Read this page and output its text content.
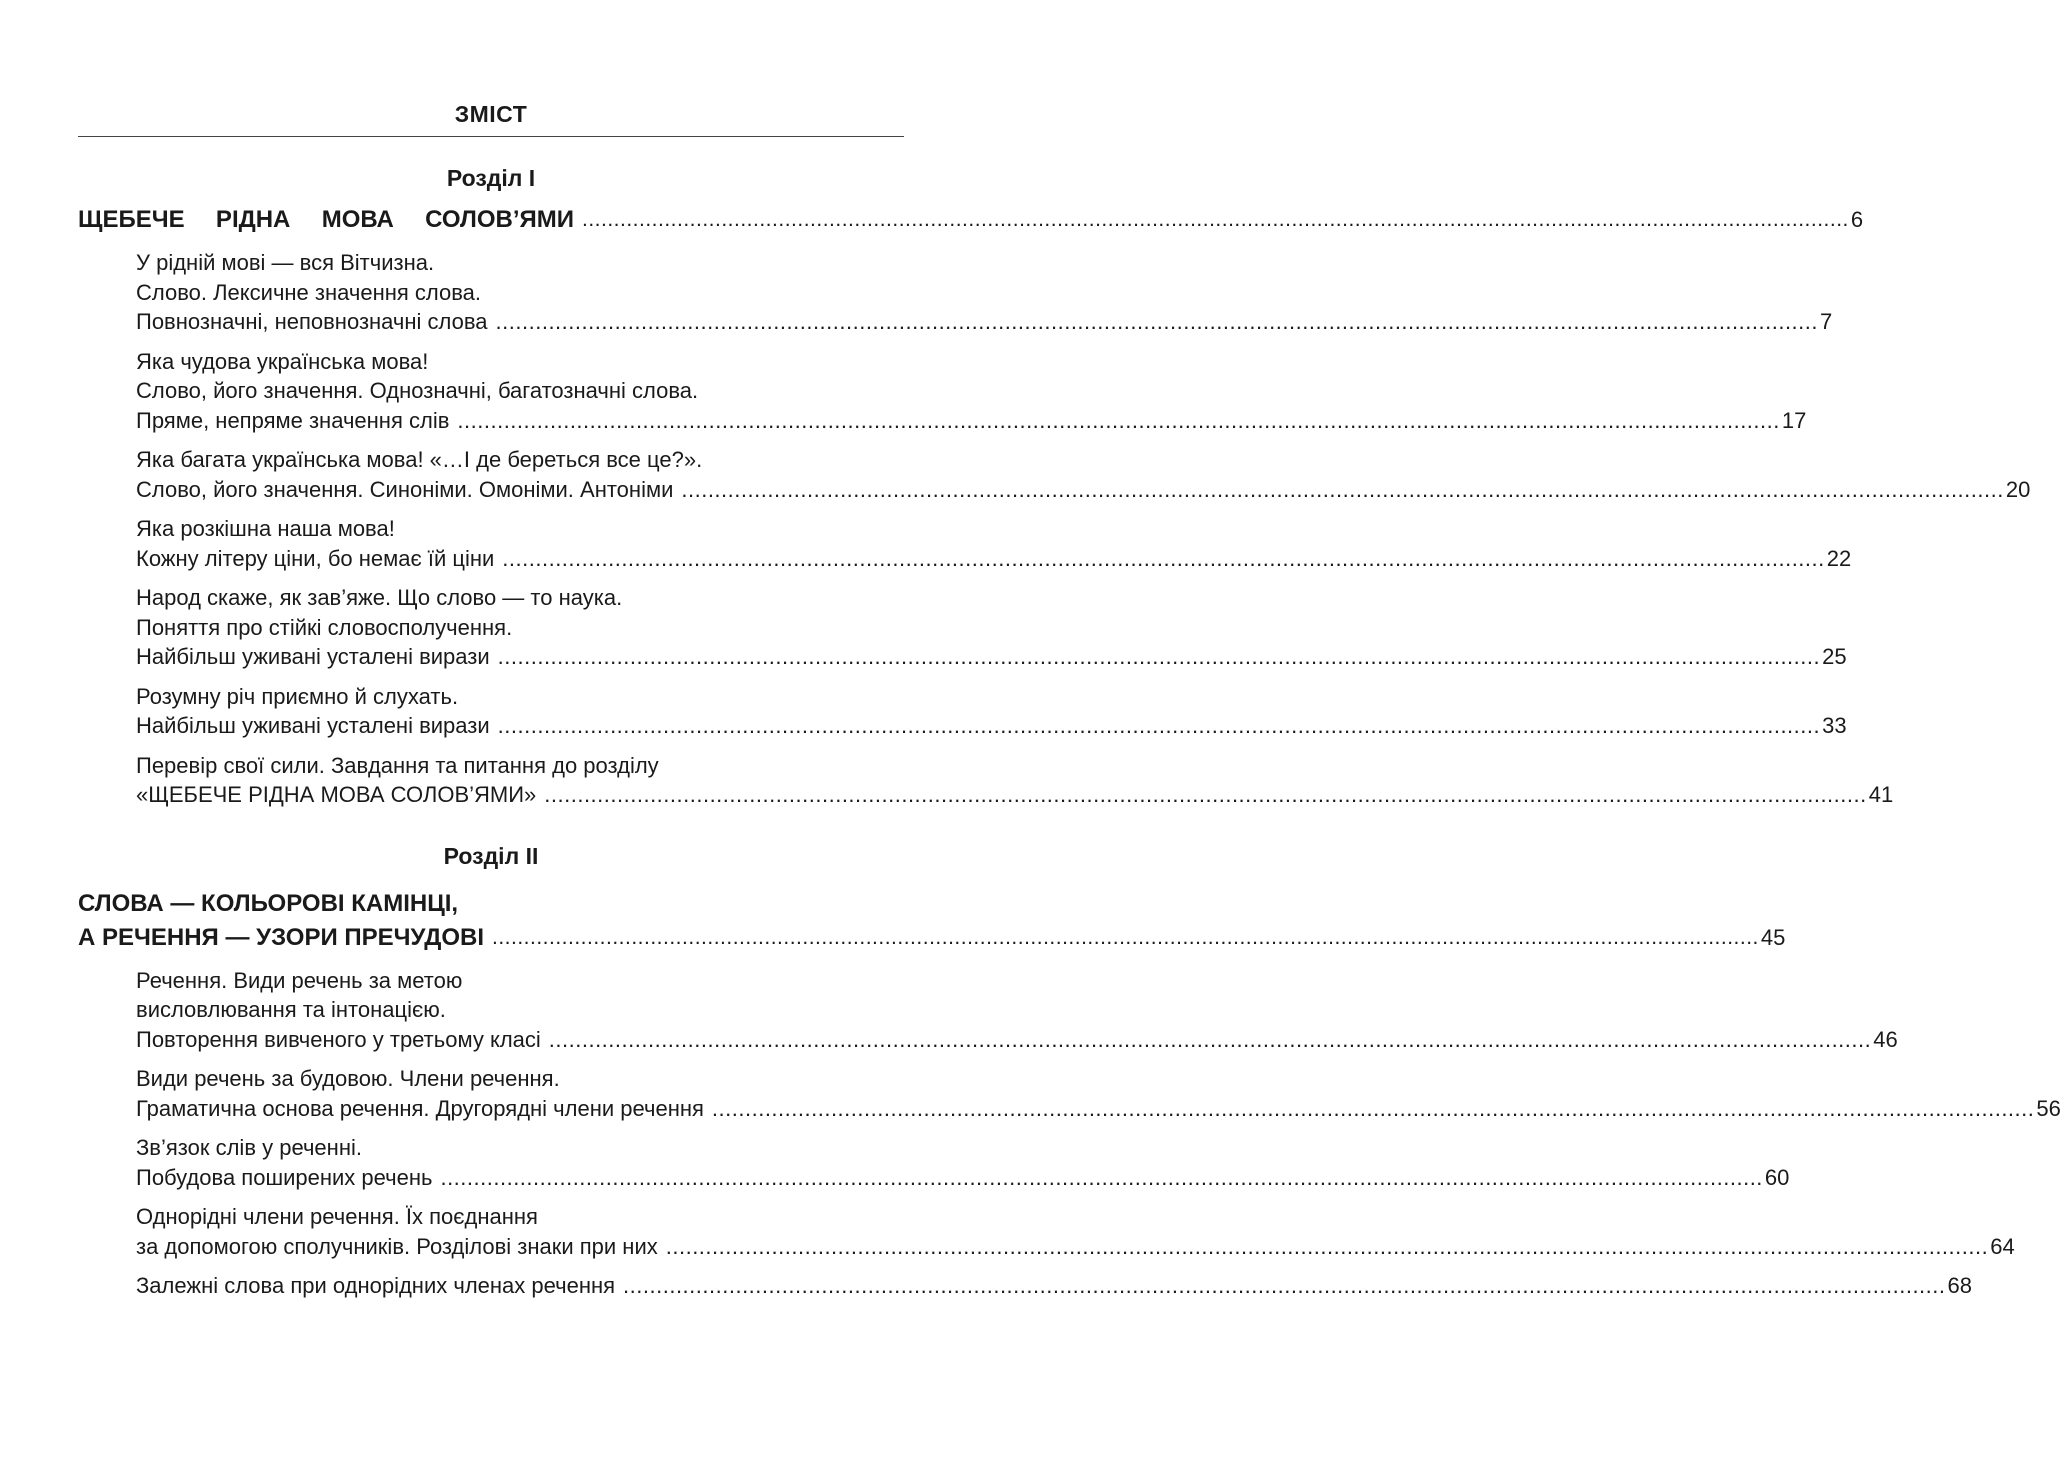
ЗМІСТ
Розділ І
ЩЕБЕЧЕ  РІДНА  МОВА  СОЛОВ’ЯМИ ........................................................................................................................................................................................................ 6
У рідній мові — вся Вітчизна.
Слово. Лексичне значення слова.
Повнозначні, неповнозначні слова ........................................................................................................................................................................................................ 7
Яка чудова українська мова!
Слово, його значення. Однозначні, багатозначні слова.
Пряме, непряме значення слів ........................................................................................................................................................................................................ 17
Яка багата українська мова! «…І де береться все це?».
Слово, його значення. Синоніми. Омоніми. Антоніми ........................................................................................................................................................................................................ 20
Яка розкішна наша мова!
Кожну літеру ціни, бо немає їй ціни ........................................................................................................................................................................................................ 22
Народ скаже, як зав’яже. Що слово — то наука.
Поняття про стійкі словосполучення.
Найбільш уживані усталені вирази ........................................................................................................................................................................................................ 25
Розумну річ приємно й слухать.
Найбільш уживані усталені вирази ........................................................................................................................................................................................................ 33
Перевір свої сили. Завдання та питання до розділу
«ЩЕБЕЧЕ РІДНА МОВА СОЛОВ’ЯМИ» ........................................................................................................................................................................................................ 41
Розділ ІІ
СЛОВА — КОЛЬОРОВІ КАМІНЦІ,
А РЕЧЕННЯ — УЗОРИ ПРЕЧУДОВІ ........................................................................................................................................................................................................ 45
Речення. Види речень за метою
висловлювання та інтонацією.
Повторення вивченого у третьому класі ........................................................................................................................................................................................................ 46
Види речень за будовою. Члени речення.
Граматична основа речення. Другорядні члени речення ........................................................................................................................................................................................................ 56
Зв’язок слів у реченні.
Побудова поширених речень ........................................................................................................................................................................................................ 60
Однорідні члени речення. Їх поєднання
за допомогою сполучників. Розділові знаки при них ........................................................................................................................................................................................................ 64
Залежні слова при однорідних членах речення ........................................................................................................................................................................................................ 68
